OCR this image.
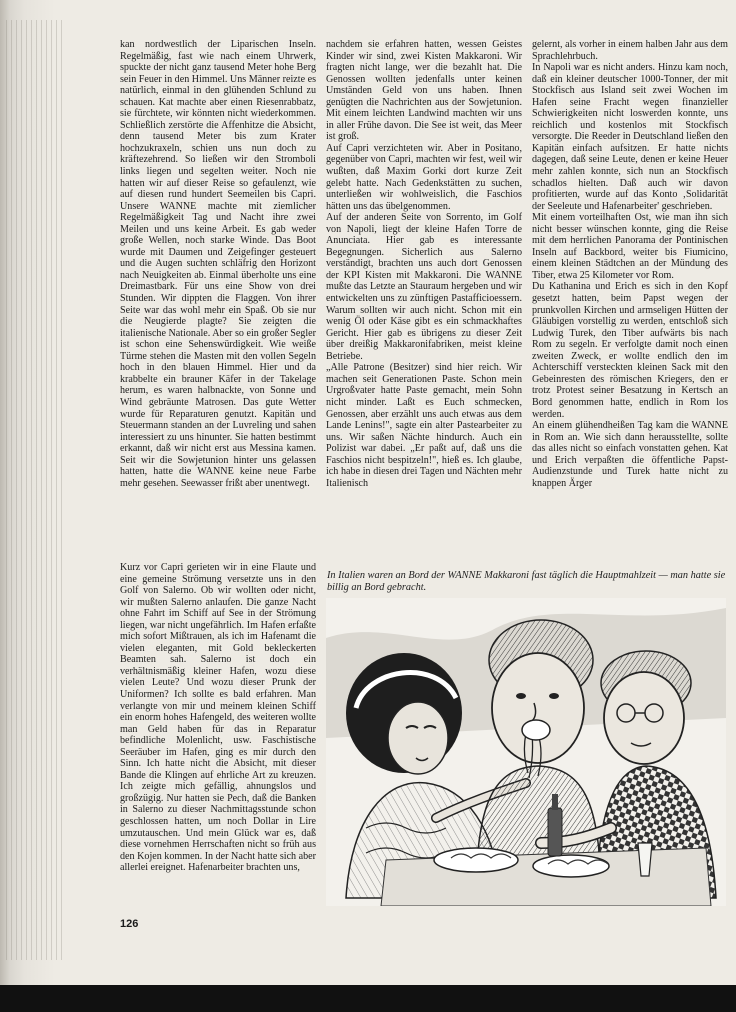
kan nordwestlich der Liparischen Inseln. Regelmäßig, fast wie nach einem Uhrwerk, spuckte der nicht ganz tausend Meter hohe Berg sein Feuer in den Himmel. Uns Männer reizte es natürlich, einmal in den glühenden Schlund zu schauen. Kat machte aber einen Riesenrabbatz, sie fürchtete, wir könnten nicht wiederkommen. Schließlich zerstörte die Affenhitze die Absicht, denn tausend Meter bis zum Krater hochzukraxeln, schien uns nun doch zu kräftezehrend. So ließen wir den Stromboli links liegen und segelten weiter. Noch nie hatten wir auf dieser Reise so gefaulenzt, wie auf diesen rund hundert Seemeilen bis Capri. Unsere WANNE machte mit ziemlicher Regelmäßigkeit Tag und Nacht ihre zwei Meilen und uns keine Arbeit. Es gab weder große Wellen, noch starke Winde. Das Boot wurde mit Daumen und Zeigefinger gesteuert und die Augen suchten schläfrig den Horizont nach Neuigkeiten ab. Einmal überholte uns eine Dreimastbark. Für uns eine Show von drei Stunden. Wir dippten die Flaggen. Von ihrer Seite war das wohl mehr ein Spaß. Ob sie nur die Neugierde plagte? Sie zeigten die italienische Nationale. Aber so ein großer Segler ist schon eine Sehenswürdigkeit. Wie weiße Türme stehen die Masten mit den vollen Segeln hoch in den blauen Himmel. Hier und da krabbelte ein brauner Käfer in der Takelage herum, es waren halbnackte, von Sonne und Wind gebräunte Matrosen. Das gute Wetter wurde für Reparaturen genutzt. Kapitän und Steuermann standen an der Luvreling und sahen interessiert zu uns hinunter. Sie hatten bestimmt erkannt, daß wir nicht erst aus Messina kamen. Seit wir die Sowjetunion hinter uns gelassen hatten, hatte die WANNE keine neue Farbe mehr gesehen. Seewasser frißt aber unentwegt.

Kurz vor Capri gerieten wir in eine Flaute und eine gemeine Strömung versetzte uns in den Golf von Salerno. Ob wir wollten oder nicht, wir mußten Salerno anlaufen. Die ganze Nacht ohne Fahrt im Schiff auf See in der Strömung liegen, war nicht ungefährlich. Im Hafen erfaßte mich sofort Mißtrauen, als ich im Hafenamt die vielen eleganten, mit Gold bekleckerten Beamten sah. Salerno ist doch ein verhältnismäßig kleiner Hafen, wozu diese vielen Leute? Und wozu dieser Prunk der Uniformen? Ich sollte es bald erfahren. Man verlangte von mir und meinem kleinen Schiff ein enorm hohes Hafengeld, des weiteren wollte man Geld haben für das in Reparatur befindliche Molenlicht, usw. Faschistische Seeräuber im Hafen, ging es mir durch den Sinn. Ich hatte nicht die Absicht, mit dieser Bande die Klingen auf ehrliche Art zu kreuzen. Ich zeigte mich gefällig, ahnungslos und großzügig. Nur hatten sie Pech, daß die Banken in Salerno zu dieser Nachmittagsstunde schon geschlossen hatten, um noch Dollar in Lire umzutauschen. Und mein Glück war es, daß diese vornehmen Herrschaften nicht so früh aus den Kojen kommen. In der Nacht hatte sich aber allerlei ereignet. Hafenarbeiter brachten uns,

nachdem sie erfahren hatten, wessen Geistes Kinder wir sind, zwei Kisten Makkaroni. Wir fragten nicht lange, wer die bezahlt hat. Die Genossen wollten jedenfalls unter keinen Umständen Geld von uns haben. Ihnen genügten die Nachrichten aus der Sowjetunion. Mit einem leichten Landwind machten wir uns in aller Frühe davon. Die See ist weit, das Meer ist groß.

Auf Capri verzichteten wir. Aber in Positano, gegenüber von Capri, machten wir fest, weil wir wußten, daß Maxim Gorki dort kurze Zeit gelebt hatte. Nach Gedenkstätten zu suchen, unterließen wir wohlweislich, die Faschios hätten uns das übelgenommen.

Auf der anderen Seite von Sorrento, im Golf von Napoli, liegt der kleine Hafen Torre de Anunciata. Hier gab es interessante Begegnungen. Sicherlich aus Salerno verständigt, brachten uns auch dort Genossen der KPI Kisten mit Makkaroni. Die WANNE mußte das Letzte an Stauraum hergeben und wir entwickelten uns zu zünftigen Pastafficioessern. Warum sollten wir auch nicht. Schon mit ein wenig Öl oder Käse gibt es ein schmackhaftes Gericht. Hier gab es übrigens zu dieser Zeit über dreißig Makkaronifabriken, meist kleine Betriebe.

„Alle Patrone (Besitzer) sind hier reich. Wir machen seit Generationen Paste. Schon mein Urgroßvater hatte Paste gemacht, mein Sohn nicht minder. Laßt es Euch schmecken, Genossen, aber erzählt uns auch etwas aus dem Lande Lenins!", sagte ein alter Pastearbeiter zu uns. Wir saßen Nächte hindurch. Auch ein Polizist war dabei. „Er paßt auf, daß uns die Faschios nicht bespitzeln!", hieß es. Ich glaube, ich habe in diesen drei Tagen und Nächten mehr Italienisch

gelernt, als vorher in einem halben Jahr aus dem Sprachlehrbuch.

In Napoli war es nicht anders. Hinzu kam noch, daß ein kleiner deutscher 1000-Tonner, der mit Stockfisch aus Island seit zwei Wochen im Hafen seine Fracht wegen finanzieller Schwierigkeiten nicht loswerden konnte, uns reichlich und kostenlos mit Stockfisch versorgte. Die Reeder in Deutschland ließen den Kapitän einfach aufsitzen. Er hatte nichts dagegen, daß seine Leute, denen er keine Heuer mehr zahlen konnte, sich nun an Stockfisch schadlos hielten. Daß auch wir davon profitierten, wurde auf das Konto ‚Solidarität der Seeleute und Hafenarbeiter' geschrieben.

Mit einem vorteilhaften Ost, wie man ihn sich nicht besser wünschen konnte, ging die Reise mit dem herrlichen Panorama der Pontinischen Inseln auf Backbord, weiter bis Fiumicino, einem kleinen Städtchen an der Mündung des Tiber, etwa 25 Kilometer vor Rom.

Du Kathanina und Erich es sich in den Kopf gesetzt hatten, beim Papst wegen der prunkvollen Kirchen und armseligen Hütten der Gläubigen vorstellig zu werden, entschloß sich Ludwig Turek, den Tiber aufwärts bis nach Rom zu segeln. Er verfolgte damit noch einen zweiten Zweck, er wollte endlich den im Achterschiff versteckten kleinen Sack mit den Gebeinresten des römischen Kriegers, den er trotz Protest seiner Besatzung in Kertsch an Bord genommen hatte, endlich in Rom los werden.

An einem glühendheißen Tag kam die WANNE in Rom an. Wie sich dann herausstellte, sollte das alles nicht so einfach vonstatten gehen. Kat und Erich verpaßten die öffentliche Papst-Audienzstunde und Turek hatte nicht zu knappen Ärger

In Italien waren an Bord der WANNE Makkaroni fast täglich die Hauptmahlzeit — man hatte sie billig an Bord gebracht.
126
